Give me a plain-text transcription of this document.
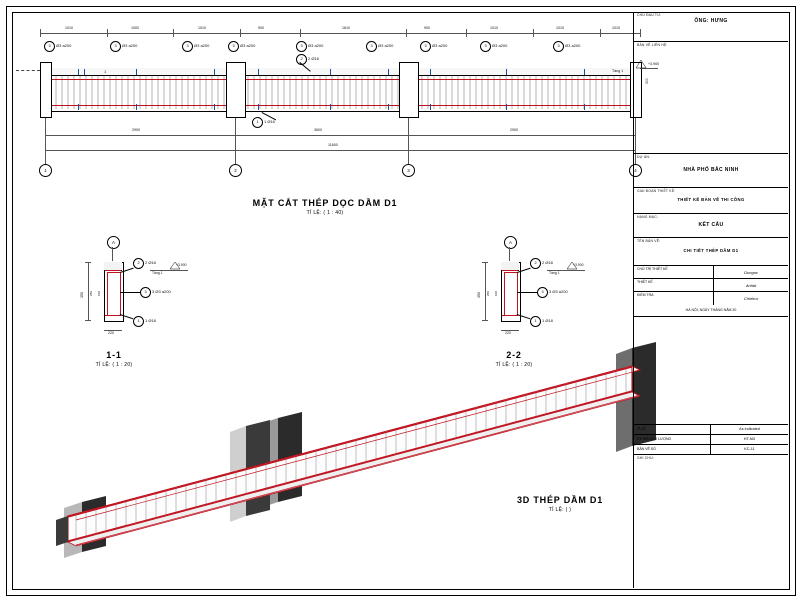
3	Ø3 a200	3	Ø3 a200	3	Ø3 a200	3	Ø3 a200	3	Ø3 a200	3	Ø3 a200	3	Ø3 a200	3	Ø3 a200	3	Ø3 a200
1010	1000	1010	900	1610	900	1010	1010	1010
1
2	2 Ø16
1	1 Ø16
+3.900
Tầng 1
300
2900	3600	2900
11600
1	2	3	4
MẶT CẮT THÉP DỌC DẦM D1
TỈ LỆ: ( 1 : 40)
A
350	100
250
220
2	2 Ø18
3	3 Ø3 a200
1	1 Ø18
+3.900
Tầng 1
1-1
TỈ LỆ: ( 1 : 20)
A
350	100
250
220
2	2 Ø18
3	3 Ø3 a200
1	1 Ø18
+3.900
Tầng 1
2-2
TỈ LỆ: ( 1 : 20)
3D THÉP DẦM D1
TỈ LỆ: ( )
CHỦ ĐẦU TƯ:
ÔNG: HƯNG
BẢN VẼ LIÊN HỆ:
DỰ ÁN:
NHÀ PHỐ BẮC NINH
GIAI ĐOẠN THIẾT KẾ:
THIẾT KẾ BẢN VẼ THI CÔNG
HẠNG MỤC:
KẾT CẤU
TÊN BẢN VẼ:
CHI TIẾT THÉP DẦM D1
CHỦ TRÌ THIẾT KẾ
Dungnv
THIẾT KẾ
Anhbt
KIỂM TRA
Chinhvx
HÀ NỘI, NGÀY THÁNG NĂM 20
TỈ LỆ	As indicated
KÝ HIỆU/SỐ LƯỢNG	HT-ND
BẢN VẼ SỐ	KC-11
GHI CHÚ:
